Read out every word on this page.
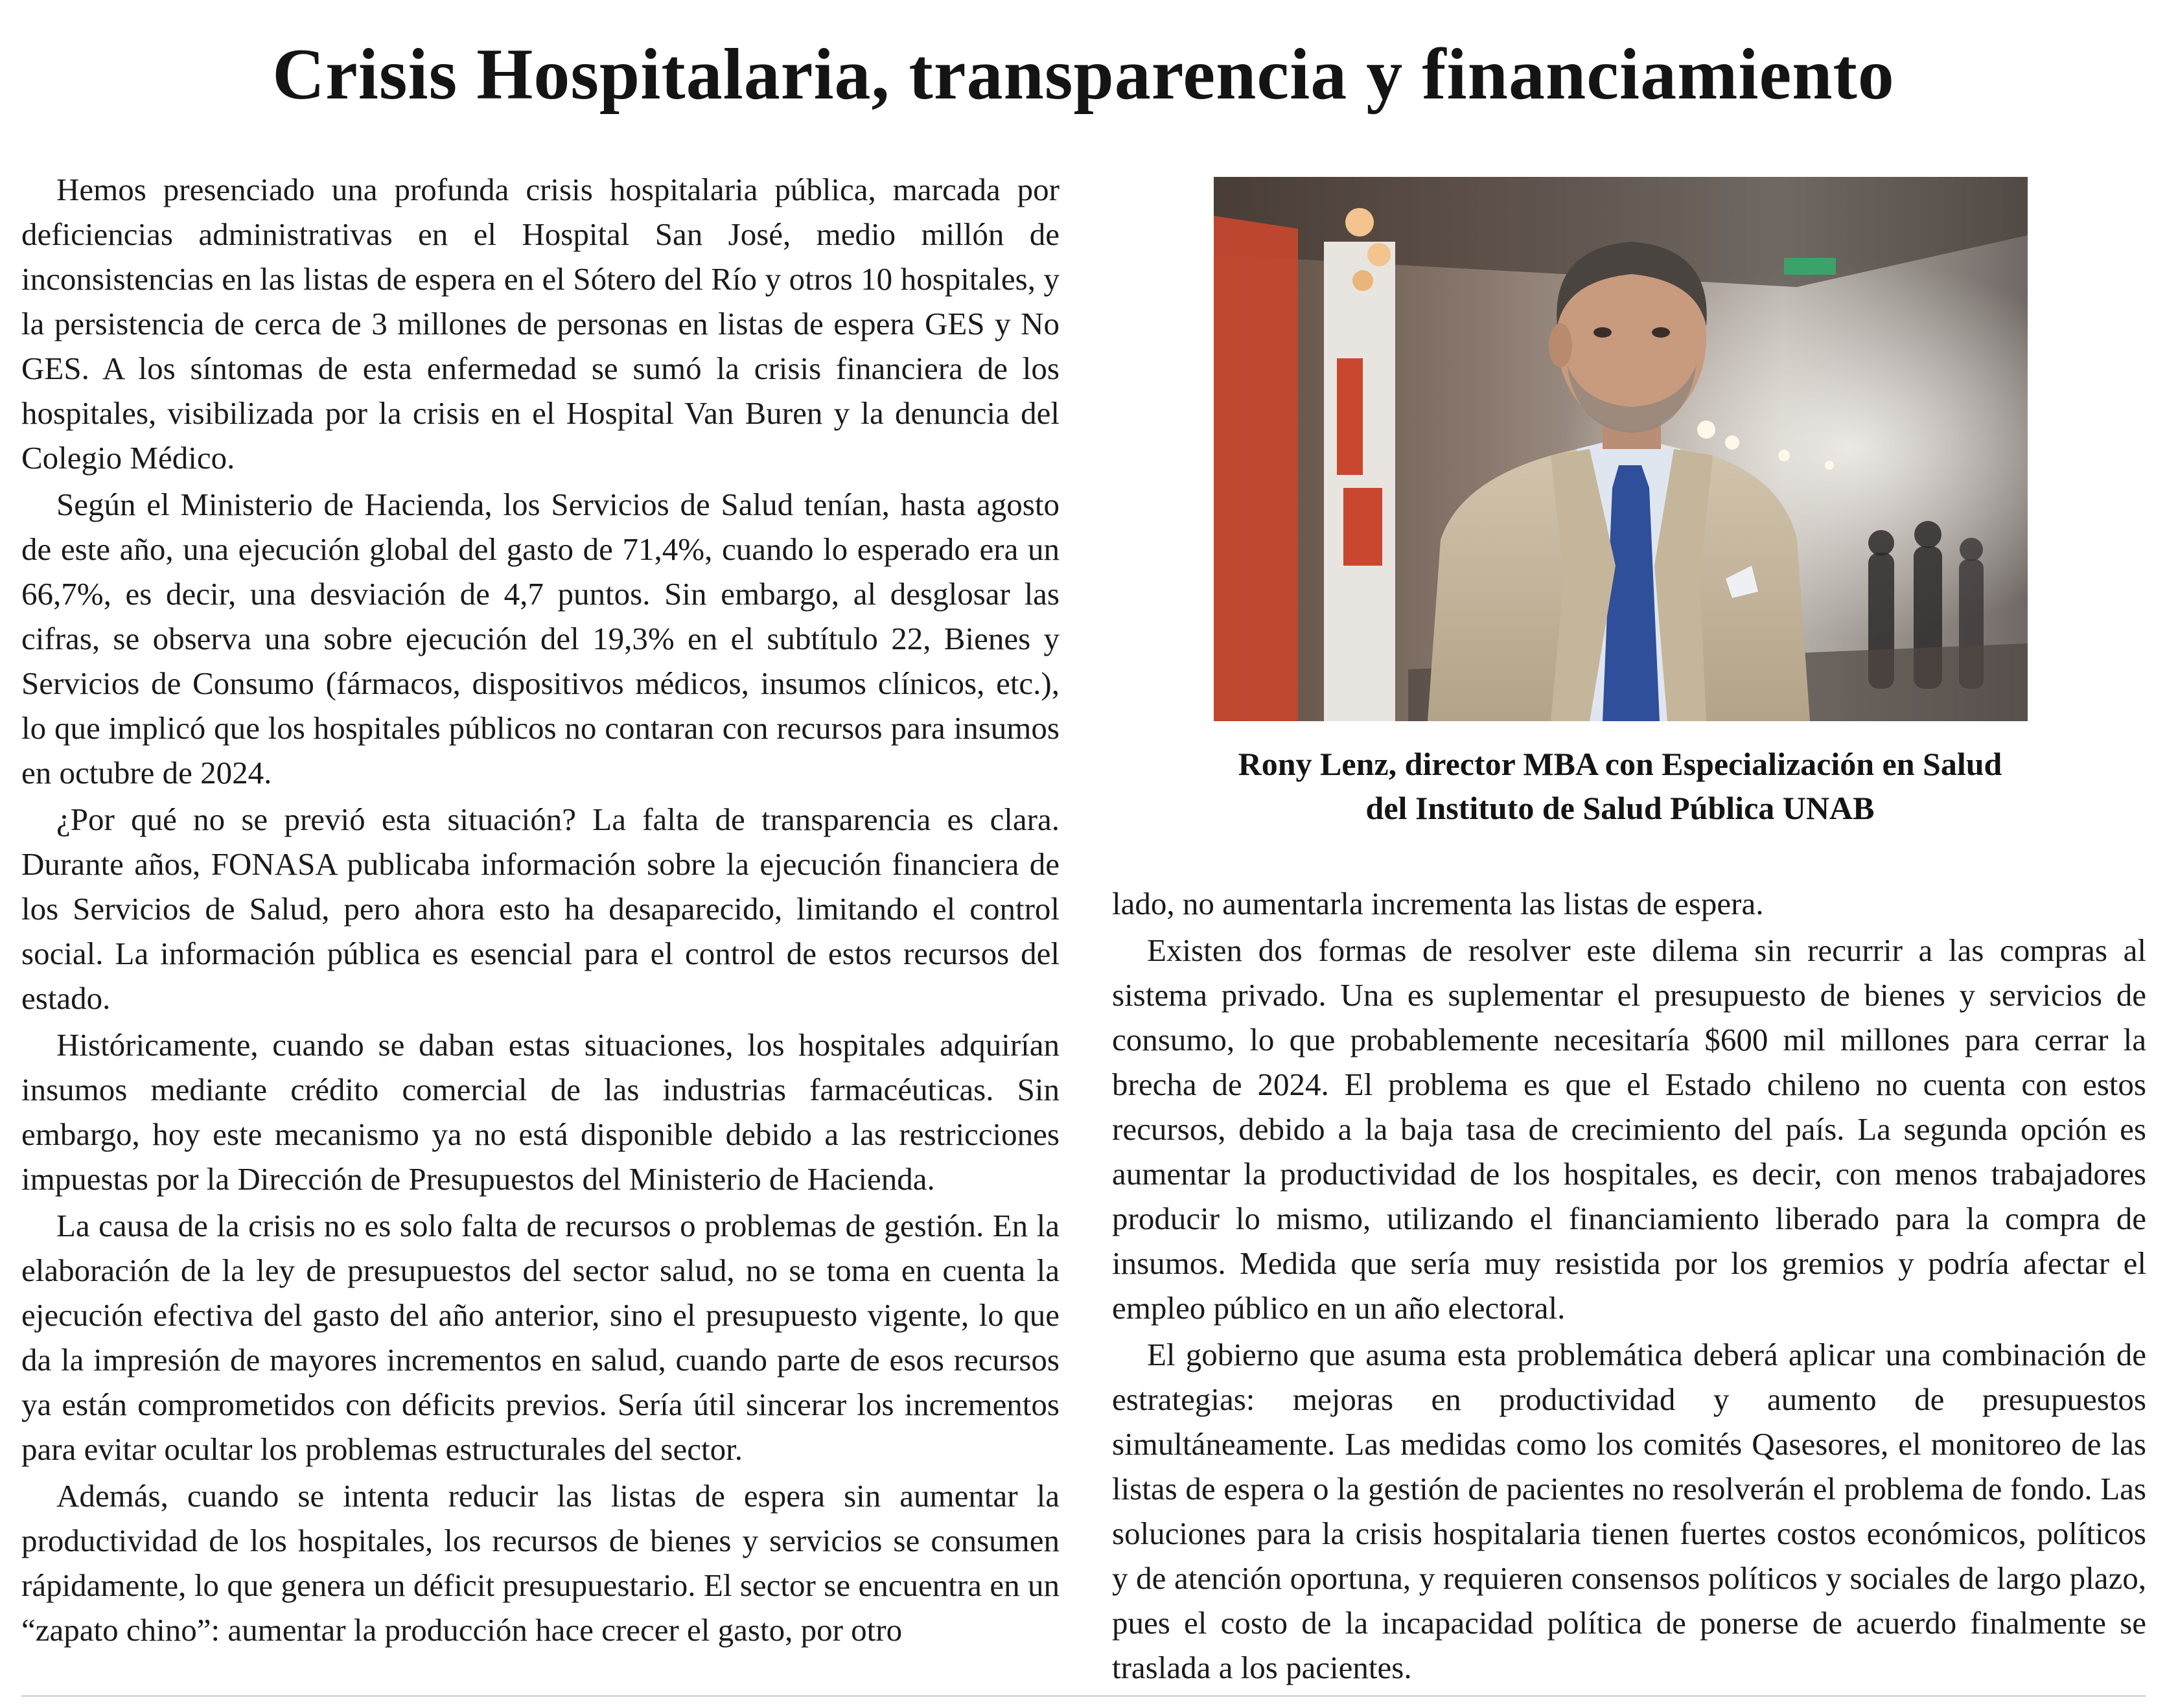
Crisis Hospitalaria, transparencia y financiamiento

Hemos presenciado una profunda crisis hospitalaria pública, marcada por deficiencias administrativas en el Hospital San José, medio millón de inconsistencias en las listas de espera en el Sótero del Río y otros 10 hospitales, y la persistencia de cerca de 3 millones de personas en listas de espera GES y No GES. A los síntomas de esta enfermedad se sumó la crisis financiera de los hospitales, visibilizada por la crisis en el Hospital Van Buren y la denuncia del Colegio Médico.

Según el Ministerio de Hacienda, los Servicios de Salud tenían, hasta agosto de este año, una ejecución global del gasto de 71,4%, cuando lo esperado era un 66,7%, es decir, una desviación de 4,7 puntos. Sin embargo, al desglosar las cifras, se observa una sobre ejecución del 19,3% en el subtítulo 22, Bienes y Servicios de Consumo (fármacos, dispositivos médicos, insumos clínicos, etc.), lo que implicó que los hospitales públicos no contaran con recursos para insumos en octubre de 2024.

¿Por qué no se previó esta situación? La falta de transparencia es clara. Durante años, FONASA publicaba información sobre la ejecución financiera de los Servicios de Salud, pero ahora esto ha desaparecido, limitando el control social. La información pública es esencial para el control de estos recursos del estado.

Históricamente, cuando se daban estas situaciones, los hospitales adquirían insumos mediante crédito comercial de las industrias farmacéuticas. Sin embargo, hoy este mecanismo ya no está disponible debido a las restricciones impuestas por la Dirección de Presupuestos del Ministerio de Hacienda.

La causa de la crisis no es solo falta de recursos o problemas de gestión. En la elaboración de la ley de presupuestos del sector salud, no se toma en cuenta la ejecución efectiva del gasto del año anterior, sino el presupuesto vigente, lo que da la impresión de mayores incrementos en salud, cuando parte de esos recursos ya están comprometidos con déficits previos. Sería útil sincerar los incrementos para evitar ocultar los problemas estructurales del sector.

Además, cuando se intenta reducir las listas de espera sin aumentar la productividad de los hospitales, los recursos de bienes y servicios se consumen rápidamente, lo que genera un déficit presupuestario. El sector se encuentra en un “zapato chino”: aumentar la producción hace crecer el gasto, por otro

Rony Lenz, director MBA con Especialización en Salud
del Instituto de Salud Pública UNAB

lado, no aumentarla incrementa las listas de espera.

Existen dos formas de resolver este dilema sin recurrir a las compras al sistema privado. Una es suplementar el presupuesto de bienes y servicios de consumo, lo que probablemente necesitaría $600 mil millones para cerrar la brecha de 2024. El problema es que el Estado chileno no cuenta con estos recursos, debido a la baja tasa de crecimiento del país. La segunda opción es aumentar la productividad de los hospitales, es decir, con menos trabajadores producir lo mismo, utilizando el financiamiento liberado para la compra de insumos. Medida que sería muy resistida por los gremios y podría afectar el empleo público en un año electoral.

El gobierno que asuma esta problemática deberá aplicar una combinación de estrategias: mejoras en productividad y aumento de presupuestos simultáneamente. Las medidas como los comités Qasesores, el monitoreo de las listas de espera o la gestión de pacientes no resolverán el problema de fondo. Las soluciones para la crisis hospitalaria tienen fuertes costos económicos, políticos y de atención oportuna, y requieren consensos políticos y sociales de largo plazo, pues el costo de la incapacidad política de ponerse de acuerdo finalmente se traslada a los pacientes.
